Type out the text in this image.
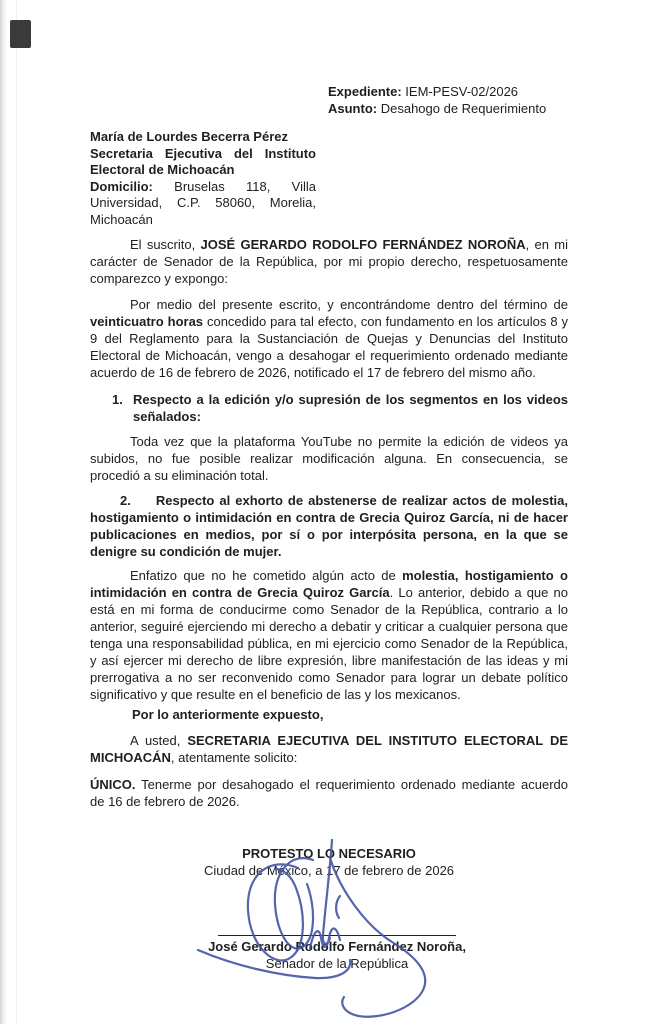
Expediente: IEM-PESV-02/2026

Asunto: Desahogo de Requerimiento

María de Lourdes Becerra Pérez
Secretaria Ejecutiva del Instituto
Electoral de Michoacán
Domicilio: Bruselas 118, Villa
Universidad, C.P. 58060, Morelia,
Michoacán

El suscrito, JOSÉ GERARDO RODOLFO FERNÁNDEZ NOROÑA, en mi carácter de Senador de la República, por mi propio derecho, respetuosamente comparezco y expongo:

Por medio del presente escrito, y encontrándome dentro del término de veinticuatro horas concedido para tal efecto, con fundamento en los artículos 8 y 9 del Reglamento para la Sustanciación de Quejas y Denuncias del Instituto Electoral de Michoacán, vengo a desahogar el requerimiento ordenado mediante acuerdo de 16 de febrero de 2026, notificado el 17 de febrero del mismo año.

1. Respecto a la edición y/o supresión de los segmentos en los videos señalados:

Toda vez que la plataforma YouTube no permite la edición de videos ya subidos, no fue posible realizar modificación alguna. En consecuencia, se procedió a su eliminación total.

2. Respecto al exhorto de abstenerse de realizar actos de molestia, hostigamiento o intimidación en contra de Grecia Quiroz García, ni de hacer publicaciones en medios, por sí o por interpósita persona, en la que se denigre su condición de mujer.

Enfatizo que no he cometido algún acto de molestia, hostigamiento o intimidación en contra de Grecia Quiroz García. Lo anterior, debido a que no está en mi forma de conducirme como Senador de la República, contrario a lo anterior, seguiré ejerciendo mi derecho a debatir y criticar a cualquier persona que tenga una responsabilidad pública, en mi ejercicio como Senador de la República, y así ejercer mi derecho de libre expresión, libre manifestación de las ideas y mi prerrogativa a no ser reconvenido como Senador para lograr un debate político significativo y que resulte en el beneficio de las y los mexicanos.

Por lo anteriormente expuesto,

A usted, SECRETARIA EJECUTIVA DEL INSTITUTO ELECTORAL DE MICHOACÁN, atentamente solicito:

ÚNICO. Tenerme por desahogado el requerimiento ordenado mediante acuerdo de 16 de febrero de 2026.

PROTESTO LO NECESARIO

Ciudad de México, a 17 de febrero de 2026

José Gerardo Rodolfo Fernández Noroña,
Senador de la República
